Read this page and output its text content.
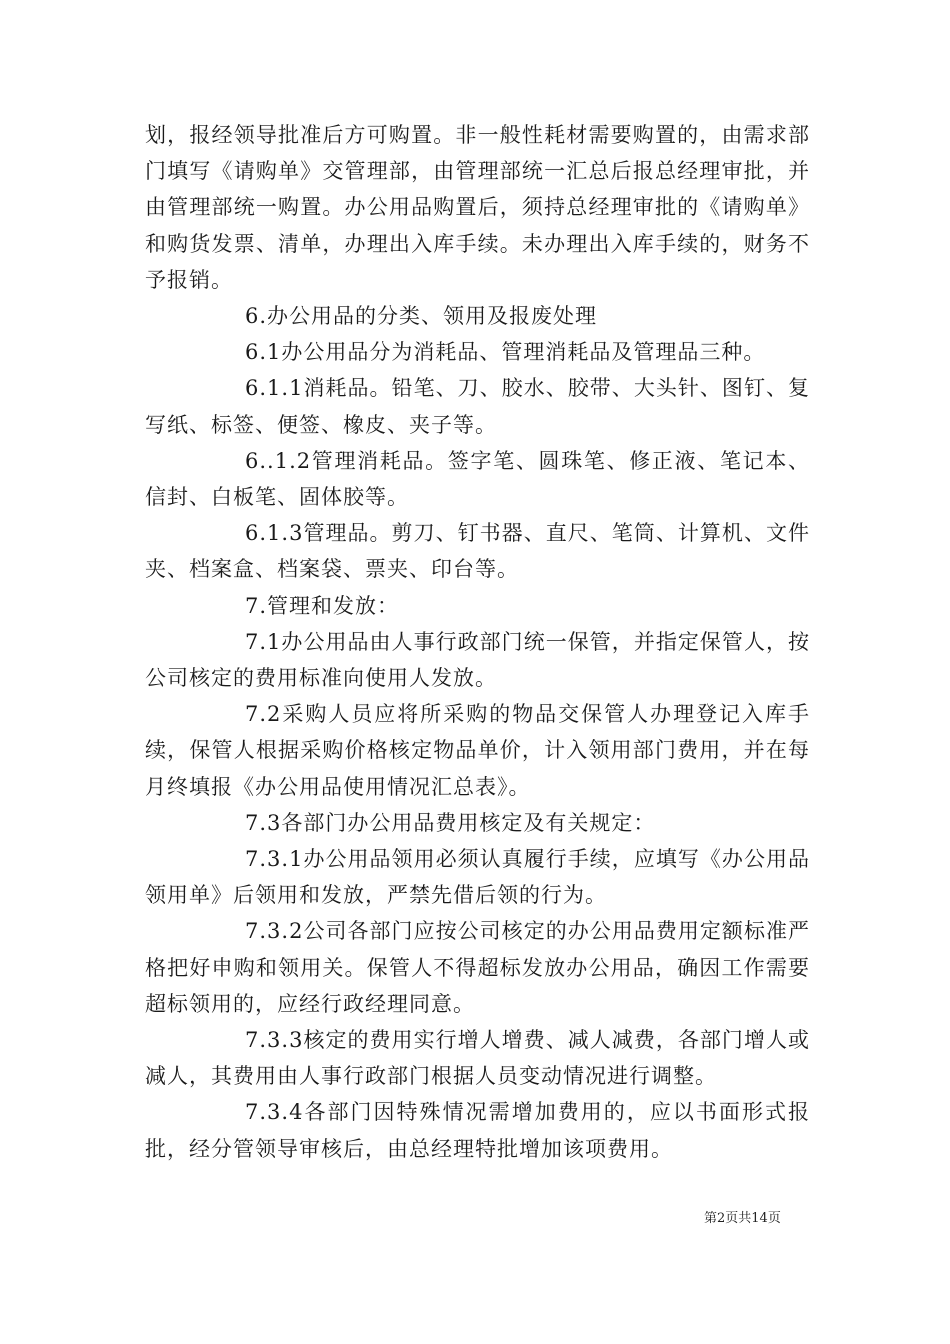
划，报经领导批准后方可购置。非一般性耗材需要购置的，由需求部门填写《请购单》交管理部，由管理部统一汇总后报总经理审批，并由管理部统一购置。办公用品购置后，须持总经理审批的《请购单》和购货发票、清单，办理出入库手续。未办理出入库手续的，财务不予报销。

6.办公用品的分类、领用及报废处理

6.1办公用品分为消耗品、管理消耗品及管理品三种。

6.1.1消耗品。铅笔、刀、胶水、胶带、大头针、图钉、复写纸、标签、便签、橡皮、夹子等。

6..1.2管理消耗品。签字笔、圆珠笔、修正液、笔记本、信封、白板笔、固体胶等。

6.1.3管理品。剪刀、钉书器、直尺、笔筒、计算机、文件夹、档案盒、档案袋、票夹、印台等。

7.管理和发放：

7.1办公用品由人事行政部门统一保管，并指定保管人，按公司核定的费用标准向使用人发放。

7.2采购人员应将所采购的物品交保管人办理登记入库手续，保管人根据采购价格核定物品单价，计入领用部门费用，并在每月终填报《办公用品使用情况汇总表》。

7.3各部门办公用品费用核定及有关规定：

7.3.1办公用品领用必须认真履行手续，应填写《办公用品领用单》后领用和发放，严禁先借后领的行为。

7.3.2公司各部门应按公司核定的办公用品费用定额标准严格把好申购和领用关。保管人不得超标发放办公用品，确因工作需要超标领用的，应经行政经理同意。

7.3.3核定的费用实行增人增费、减人减费，各部门增人或减人，其费用由人事行政部门根据人员变动情况进行调整。

7.3.4各部门因特殊情况需增加费用的，应以书面形式报批，经分管领导审核后，由总经理特批增加该项费用。

第2页共14页
